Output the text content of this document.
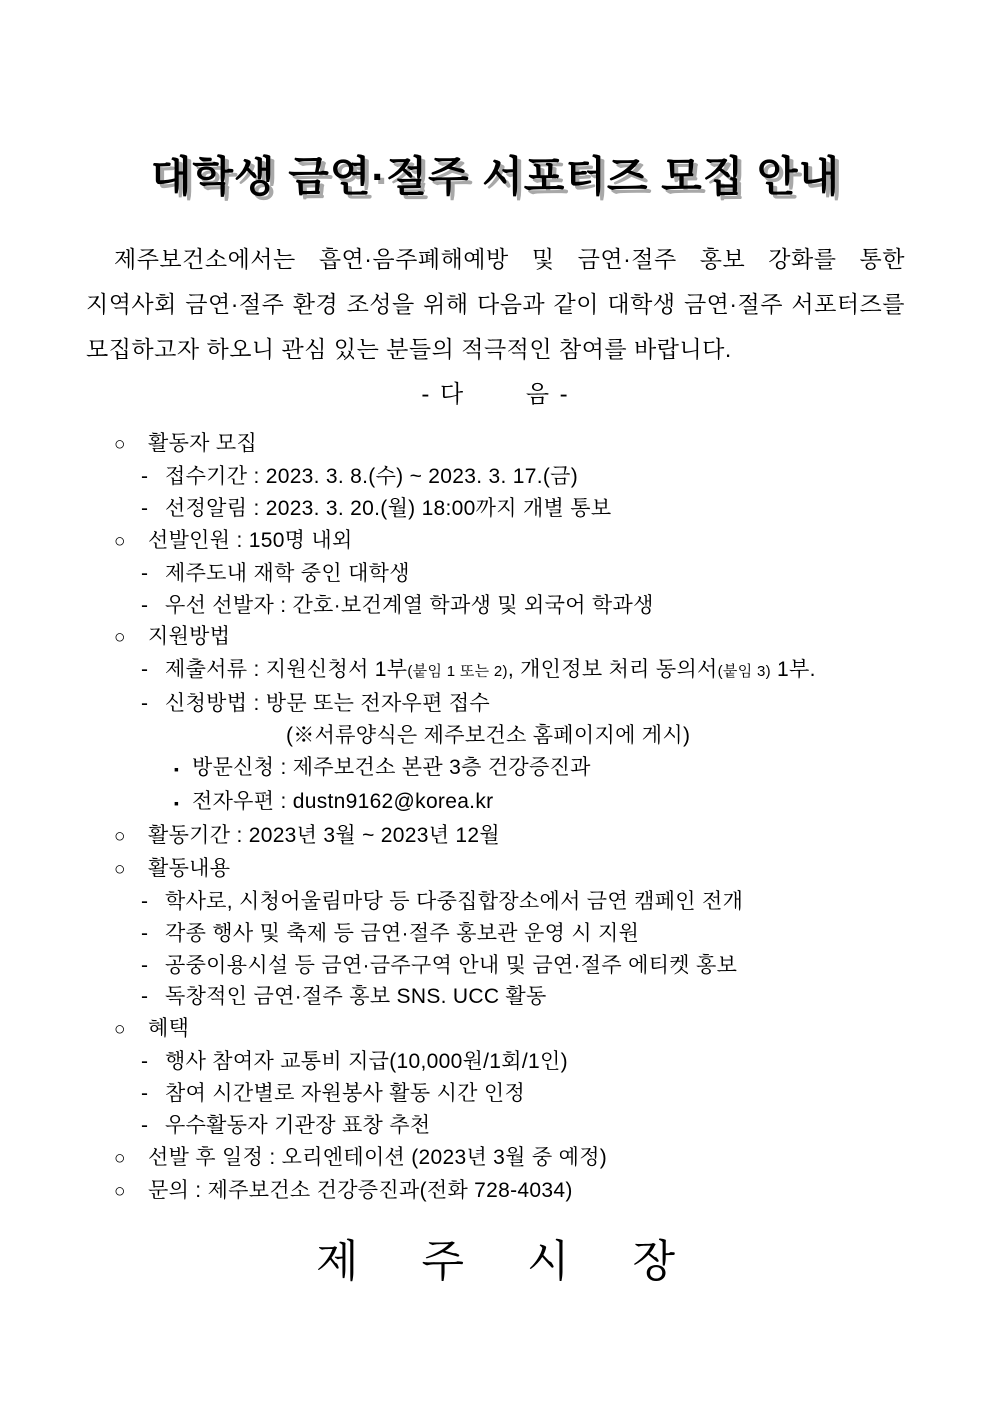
대학생 금연·절주 서포터즈 모집 안내
제주보건소에서는 흡연·음주폐해예방 및 금연·절주 홍보 강화를 통한 지역사회 금연·절주 환경 조성을 위해 다음과 같이 대학생 금연·절주 서포터즈를 모집하고자 하오니 관심 있는 분들의 적극적인 참여를 바랍니다.
- 다       음 -
○	활동자 모집
- 접수기간 : 2023. 3. 8.(수) ~ 2023. 3. 17.(금)
- 선정알림 : 2023. 3. 20.(월) 18:00까지 개별 통보
○	선발인원 : 150명 내외
- 제주도내 재학 중인 대학생
- 우선 선발자 : 간호·보건계열 학과생 및 외국어 학과생
○	지원방법
- 제출서류 : 지원신청서 1부(붙임 1 또는 2), 개인정보 처리 동의서(붙임 3) 1부.
- 신청방법 : 방문 또는 전자우편 접수
(※서류양식은 제주보건소 홈페이지에 게시)
▪ 방문신청 : 제주보건소 본관 3층 건강증진과
▪ 전자우편 : dustn9162@korea.kr
○	활동기간 : 2023년 3월 ~ 2023년 12월
○	활동내용
- 학사로, 시청어울림마당 등 다중집합장소에서 금연 캠페인 전개
- 각종 행사 및 축제 등 금연·절주 홍보관 운영 시 지원
- 공중이용시설 등 금연·금주구역 안내 및 금연·절주 에티켓 홍보
- 독창적인 금연·절주 홍보 SNS. UCC 활동
○	혜택
- 행사 참여자 교통비 지급(10,000원/1회/1인)
- 참여 시간별로 자원봉사 활동 시간 인정
- 우수활동자 기관장 표창 추천
○	선발 후 일정 : 오리엔테이션 (2023년 3월 중 예정)
○	문의 : 제주보건소 건강증진과(전화 728-4034)
제 주 시 장
